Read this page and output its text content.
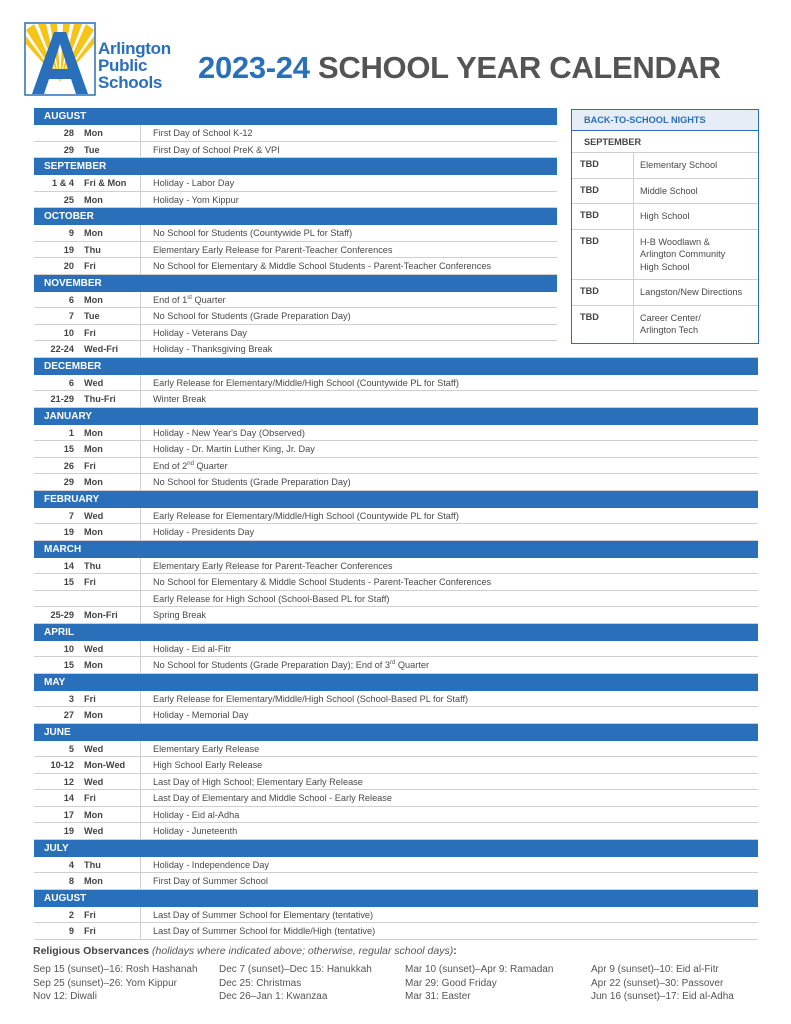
Arlington
Public
Schools 2023-24 SCHOOL YEAR CALENDAR
AUGUST
28	Mon	First Day of School K-12
29	Tue	First Day of School PreK & VPI
SEPTEMBER
1 & 4	Fri & Mon	Holiday - Labor Day
25	Mon	Holiday - Yom Kippur
OCTOBER
9	Mon	No School for Students (Countywide PL for Staff)
19	Thu	Elementary Early Release for Parent-Teacher Conferences
20	Fri	No School for Elementary & Middle School Students - Parent-Teacher Conferences
NOVEMBER
6	Mon	End of 1st Quarter
7	Tue	No School for Students (Grade Preparation Day)
10	Fri	Holiday - Veterans Day
22-24	Wed-Fri	Holiday - Thanksgiving Break
DECEMBER
6	Wed	Early Release for Elementary/Middle/High School (Countywide PL for Staff)
21-29	Thu-Fri	Winter Break
JANUARY
1	Mon	Holiday - New Year's Day (Observed)
15	Mon	Holiday - Dr. Martin Luther King, Jr. Day
26	Fri	End of 2nd Quarter
29	Mon	No School for Students (Grade Preparation Day)
FEBRUARY
7	Wed	Early Release for Elementary/Middle/High School (Countywide PL for Staff)
19	Mon	Holiday - Presidents Day
MARCH
14	Thu	Elementary Early Release for Parent-Teacher Conferences
15	Fri	No School for Elementary & Middle School Students - Parent-Teacher Conferences
Early Release for High School (School-Based PL for Staff)
25-29	Mon-Fri	Spring Break
APRIL
10	Wed	Holiday - Eid al-Fitr
15	Mon	No School for Students (Grade Preparation Day); End of 3rd Quarter
MAY
3	Fri	Early Release for Elementary/Middle/High School (School-Based PL for Staff)
27	Mon	Holiday - Memorial Day
JUNE
5	Wed	Elementary Early Release
10-12	Mon-Wed	High School Early Release
12	Wed	Last Day of High School; Elementary Early Release
14	Fri	Last Day of Elementary and Middle School - Early Release
17	Mon	Holiday - Eid al-Adha
19	Wed	Holiday - Juneteenth
JULY
4	Thu	Holiday - Independence Day
8	Mon	First Day of Summer School
AUGUST
2	Fri	Last Day of Summer School for Elementary (tentative)
9	Fri	Last Day of Summer School for Middle/High (tentative)
BACK-TO-SCHOOL NIGHTS
SEPTEMBER
TBD	Elementary School
TBD	Middle School
TBD	High School
TBD	H-B Woodlawn &
Arlington Community
High School
TBD	Langston/New Directions
TBD	Career Center/
Arlington Tech
Religious Observances (holidays where indicated above; otherwise, regular school days):
Sep 15 (sunset)–16: Rosh Hashanah
Sep 25 (sunset)–26: Yom Kippur
Nov 12: Diwali
Dec 7 (sunset)–Dec 15: Hanukkah
Dec 25: Christmas
Dec 26–Jan 1: Kwanzaa
Mar 10 (sunset)–Apr 9: Ramadan
Mar 29: Good Friday
Mar 31: Easter
Apr 9 (sunset)–10: Eid al-Fitr
Apr 22 (sunset)–30: Passover
Jun 16 (sunset)–17: Eid al-Adha
